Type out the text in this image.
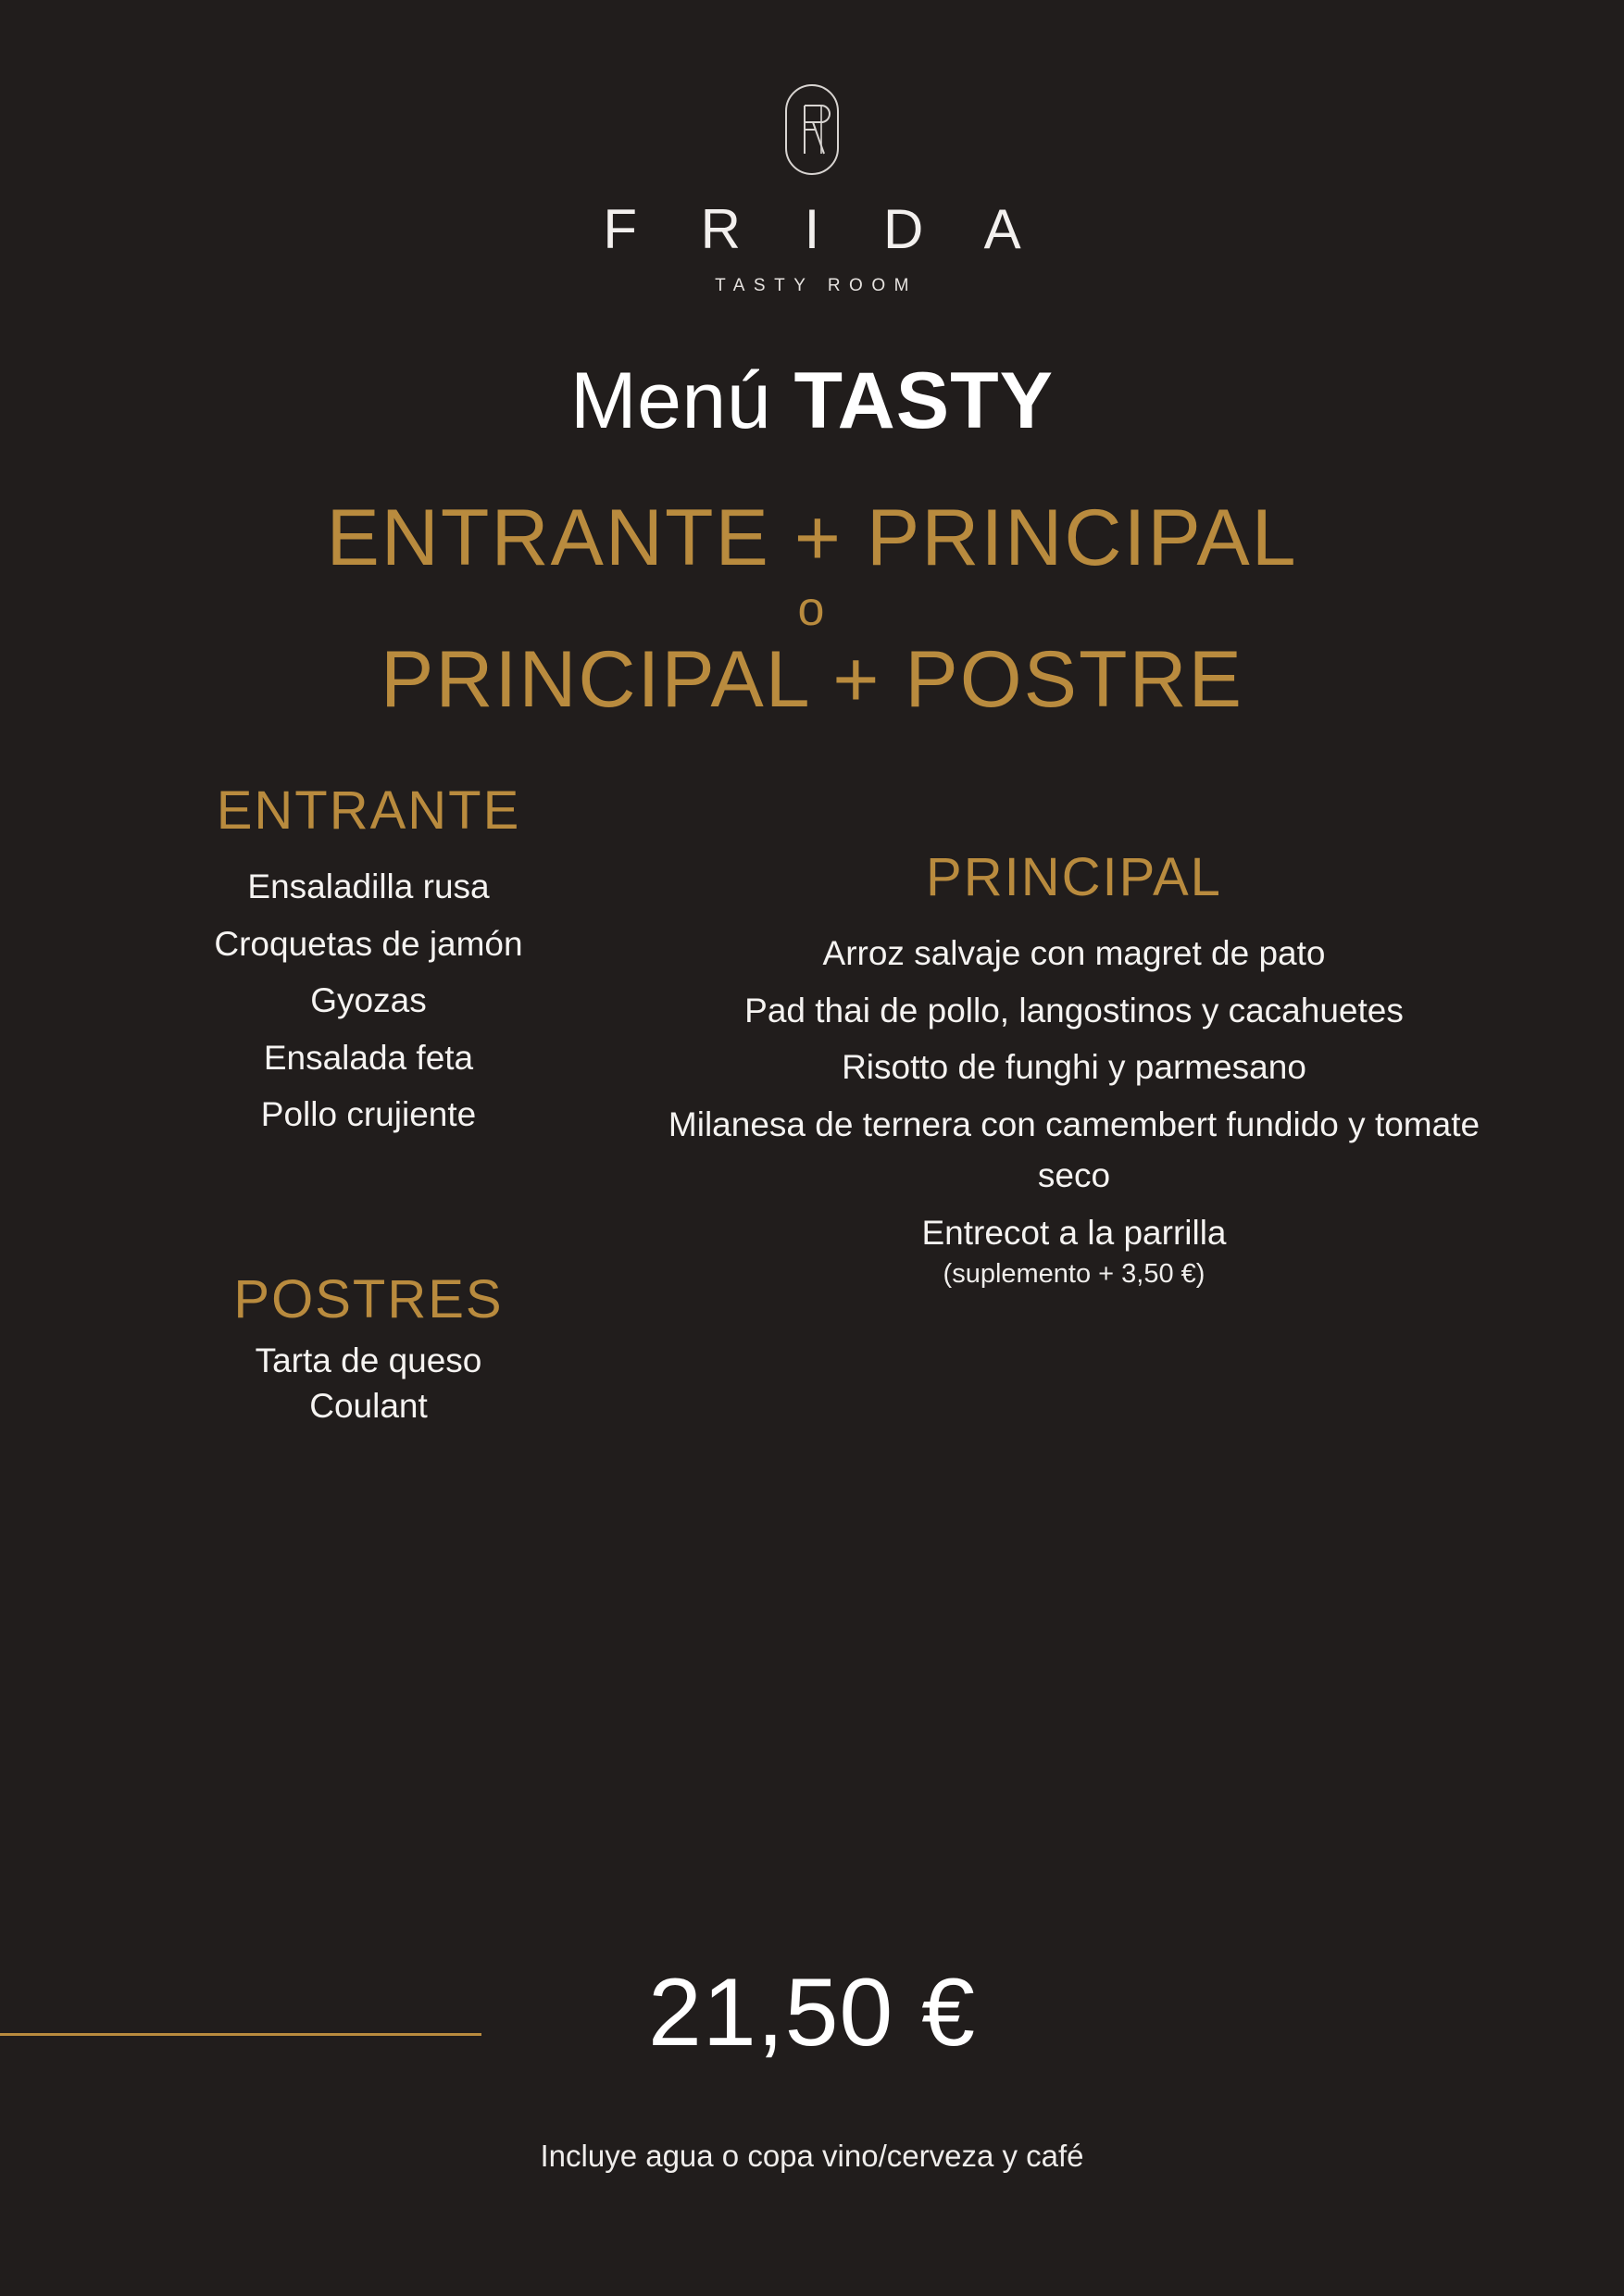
F R I D A
TASTY ROOM
Menú TASTY
ENTRANTE + PRINCIPAL
o
PRINCIPAL + POSTRE
ENTRANTE
Ensaladilla rusa
Croquetas de jamón
Gyozas
Ensalada feta
Pollo crujiente
POSTRES
Tarta de queso
Coulant
PRINCIPAL
Arroz salvaje con magret de pato
Pad thai de pollo, langostinos y cacahuetes
Risotto de funghi y parmesano
Milanesa de ternera con camembert fundido y tomate seco
Entrecot a la parrilla
(suplemento + 3,50 €)
21,50 €
Incluye agua o copa vino/cerveza y café
